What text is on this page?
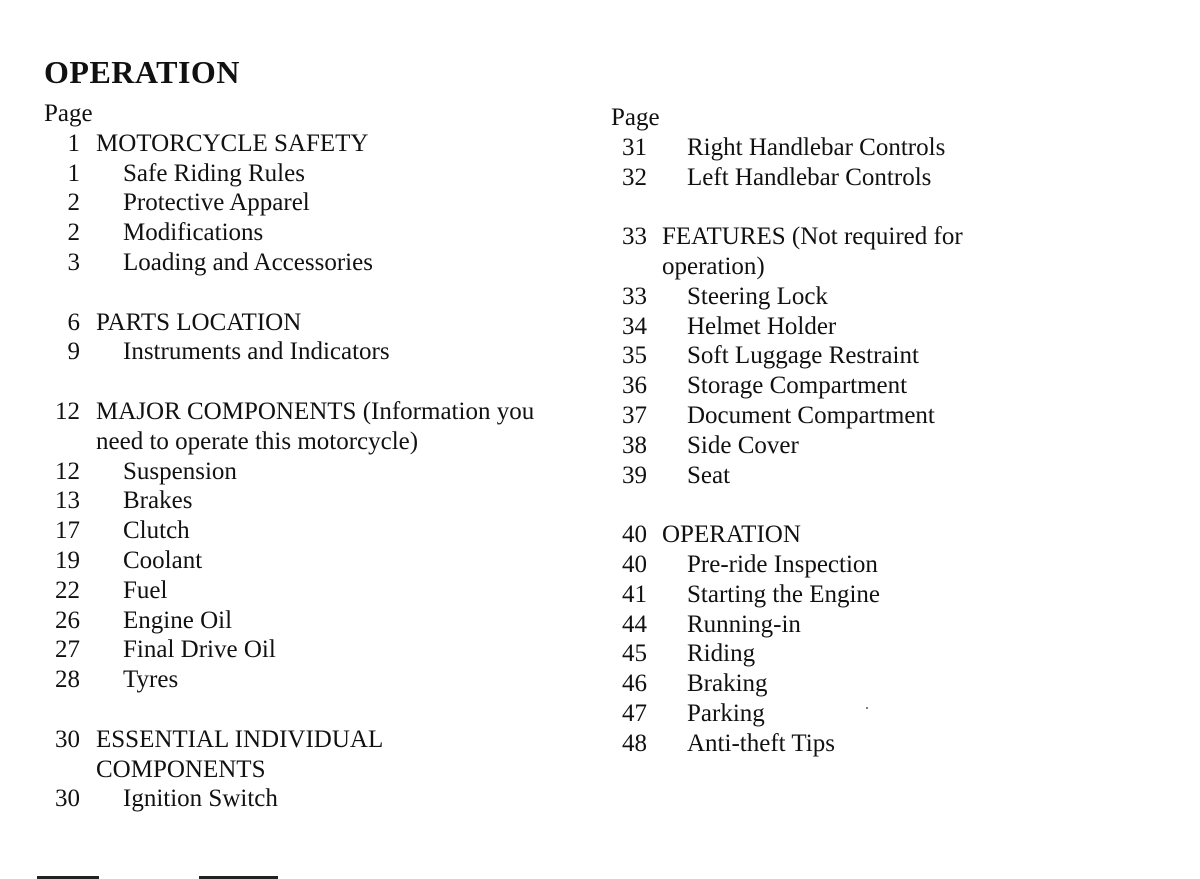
OPERATION
Page
1 MOTORCYCLE SAFETY
1 Safe Riding Rules
2 Protective Apparel
2 Modifications
3 Loading and Accessories
6 PARTS LOCATION
9 Instruments and Indicators
12 MAJOR COMPONENTS (Information you need to operate this motorcycle)
12 Suspension
13 Brakes
17 Clutch
19 Coolant
22 Fuel
26 Engine Oil
27 Final Drive Oil
28 Tyres
30 ESSENTIAL INDIVIDUAL COMPONENTS
30 Ignition Switch
Page
31 Right Handlebar Controls
32 Left Handlebar Controls
33 FEATURES (Not required for operation)
33 Steering Lock
34 Helmet Holder
35 Soft Luggage Restraint
36 Storage Compartment
37 Document Compartment
38 Side Cover
39 Seat
40 OPERATION
40 Pre-ride Inspection
41 Starting the Engine
44 Running-in
45 Riding
46 Braking
47 Parking
48 Anti-theft Tips
